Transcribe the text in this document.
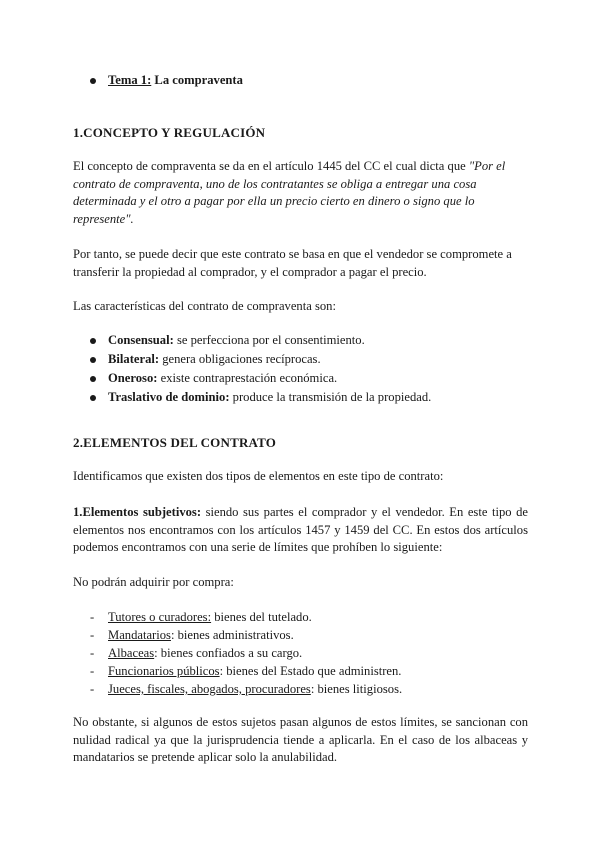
Tema 1: La compraventa
1.CONCEPTO Y REGULACIÓN

El concepto de compraventa se da en el artículo 1445 del CC el cual dicta que "Por el contrato de compraventa, uno de los contratantes se obliga a entregar una cosa determinada y el otro a pagar por ella un precio cierto en dinero o signo que lo represente".

Por tanto, se puede decir que este contrato se basa en que el vendedor se compromete a transferir la propiedad al comprador, y el comprador a pagar el precio.

Las características del contrato de compraventa son:

Consensual: se perfecciona por el consentimiento.
Bilateral: genera obligaciones recíprocas.
Oneroso: existe contraprestación económica.
Traslativo de dominio: produce la transmisión de la propiedad.
2.ELEMENTOS DEL CONTRATO

Identificamos que existen dos tipos de elementos en este tipo de contrato:

1.Elementos subjetivos: siendo sus partes el comprador y el vendedor. En este tipo de elementos nos encontramos con los artículos 1457 y 1459 del CC. En estos dos artículos podemos encontramos con una serie de límites que prohíben lo siguiente:

No podrán adquirir por compra:

- Tutores o curadores: bienes del tutelado.
- Mandatarios: bienes administrativos.
- Albaceas: bienes confiados a su cargo.
- Funcionarios públicos: bienes del Estado que administren.
- Jueces, fiscales, abogados, procuradores: bienes litigiosos.

No obstante, si algunos de estos sujetos pasan algunos de estos límites, se sancionan con nulidad radical ya que la jurisprudencia tiende a aplicarla. En el caso de los albaceas y mandatarios se pretende aplicar solo la anulabilidad.
